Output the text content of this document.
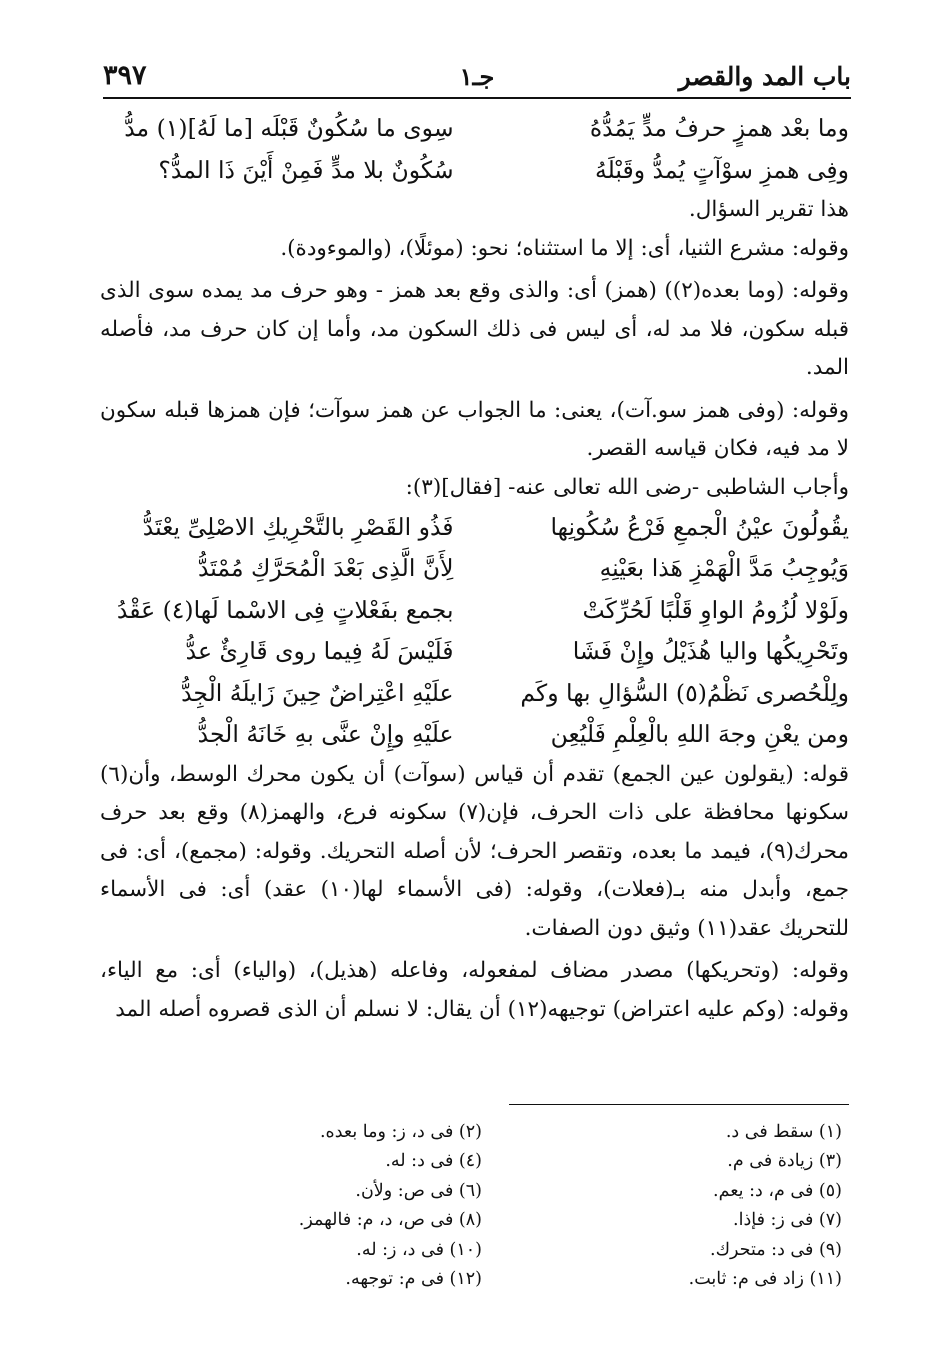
باب المد والقصر
جـ١
٣٩٧
وما بعْد همزٍ حرفُ مدٍّ يَمُدُّهُ
سِوى ما سُكُونٌ قَبْلَه [ما لَهُ](١) مدُّ
وفِى همزِ سوْآتٍ يُمدُّ وقَبْلَهُ
سُكُونٌ بلا مدٍّ فَمِنْ أَيْنَ ذَا المدُّ؟

هذا تقرير السؤال.

وقوله: مشرع الثنيا، أى: إلا ما استثناه؛ نحو: (موئلًا)، (والموءودة).

وقوله: (وما بعده(٢)) (همز) أى: والذى وقع بعد همز - وهو حرف مد يمده سوى الذى قبله سكون، فلا مد له، أى ليس فى ذلك السكون مد، وأما إن كان حرف مد، فأصله المد.

وقوله: (وفى همز سو.آت)، يعنى: ما الجواب عن همز سوآت؛ فإن همزها قبله سكون لا مد فيه، فكان قياسه القصر.

وأجاب الشاطبى -رضى الله تعالى عنه- [فقال](٣):
يقُولُونَ عيْنُ الْجمعِ فَرْعُ سُكُونِها
فَذُو القَصْرِ بالتَّحْرِيكِ الاصْلِىِّ يعْتَدُّ
وَيُوجِبُ مَدَّ الْهَمْزِ هَذا بعَيْنِهِ
لِأَنَّ الَّذِى بَعْدَ الْمُحَرَّكِ مُمْتَدُّ
ولَوْلا لُزُومُ الواوِ قَلْبًا لَحُرِّكَتْ
بجمع بفَعْلاتٍ فِى الاسْما لَها(٤) عَقْدُ
وتَحْرِيكُها واليا هُذَيْلُ وإِنْ فَشَا
فَلَيْسَ لَهُ فِيما روى قَارِئٌ عدُّ
ولِلْحُصرى نَظْمُ(٥) السُّؤالِ بها وكَم
علَيْهِ اعْتِراضٌ حِينَ زَايلَهُ الْجِدُّ
ومن يعْنِ وجهَ اللهِ بالْعِلْمِ فَلْيُعِن
علَيْهِ وإِنْ عنَّى بهِ خَانَهُ الْجدُّ

قوله: (يقولون عين الجمع) تقدم أن قياس (سوآت) أن يكون محرك الوسط، وأن(٦) سكونها محافظة على ذات الحرف، فإن(٧) سكونه فرع، والهمز(٨) وقع بعد حرف محرك(٩)، فيمد ما بعده، وتقصر الحرف؛ لأن أصله التحريك. وقوله: (مجمع)، أى: فى جمع، وأبدل منه بـ(فعلات)، وقوله: (فى الأسماء لها(١٠) عقد) أى: فى الأسماء للتحريك عقد(١١) وثيق دون الصفات.

وقوله: (وتحريكها) مصدر مضاف لمفعوله، وفاعله (هذيل)، (والياء) أى: مع الياء، وقوله: (وكم عليه اعتراض) توجيهه(١٢) أن يقال: لا نسلم أن الذى قصروه أصله المد

(١) سقط فى د.
(٣) زيادة فى م.
(٥) فى م، د: يعم.
(٧) فى ز: فإذا.
(٩) فى د: متحرك.
(١١) زاد فى م: ثابت.
(٢) فى د، ز: وما بعده.
(٤) فى د: له.
(٦) فى ص: ولأن.
(٨) فى ص، د، م: فالهمز.
(١٠) فى د، ز: له.
(١٢) فى م: توجهه.
